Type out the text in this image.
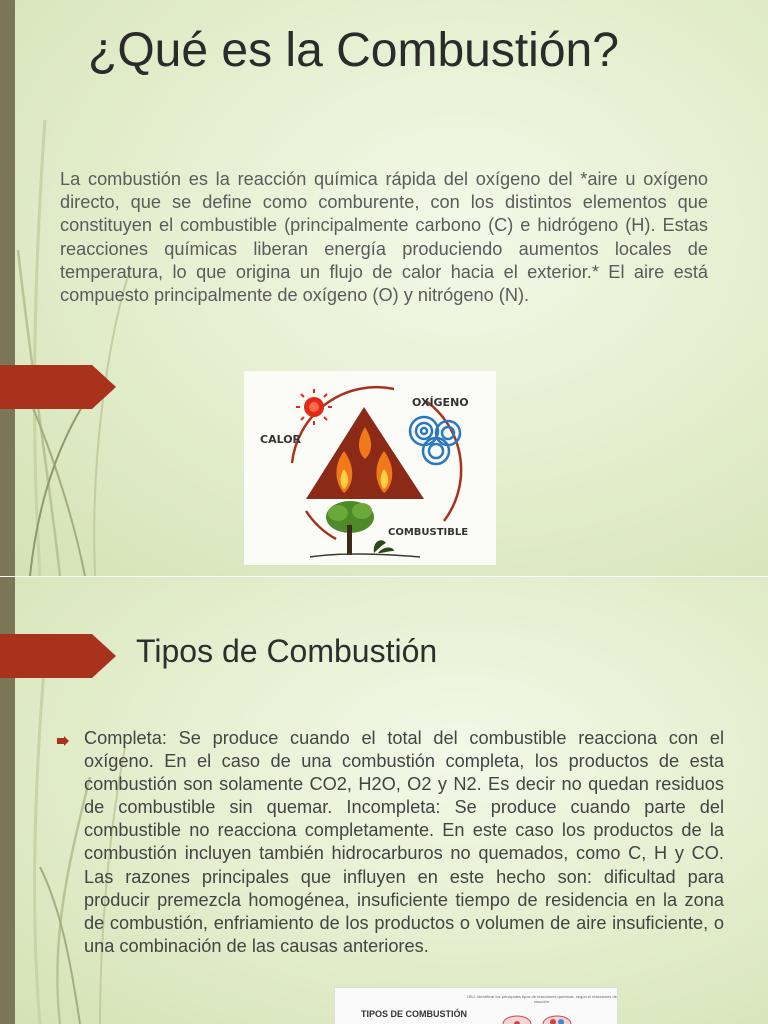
¿Qué es la Combustión?

La combustión es la reacción química rápida del oxígeno del *aire u oxígeno directo, que se define como comburente, con los distintos elementos que constituyen el combustible (principalmente carbono (C) e hidrógeno (H). Estas reacciones químicas liberan energía produciendo aumentos locales de temperatura, lo que origina un flujo de calor hacia el exterior.* El aire está compuesto principalmente de oxígeno (O) y nitrógeno (N).

CALOR
OXÍGENO
COMBUSTIBLE
Tipos de Combustión

Completa: Se produce cuando el total del combustible reacciona con el oxígeno. En el caso de una combustión completa, los productos de esta combustión son solamente CO2, H2O, O2 y N2. Es decir no quedan residuos de combustible sin quemar. Incompleta: Se produce cuando parte del combustible no reacciona completamente. En este caso los productos de la combustión incluyen también hidrocarburos no quemados, como C, H y CO. Las razones principales que influyen en este hecho son: dificultad para producir premezcla homogénea, insuficiente tiempo de residencia en la zona de combustión, enfriamiento de los productos o volumen de aire insuficiente, o una combinación de las causas anteriores.

TIPOS DE COMBUSTIÓN
OBJ: Identificar los principales tipos de reacciones químicas, según el reacciones de reacción.
